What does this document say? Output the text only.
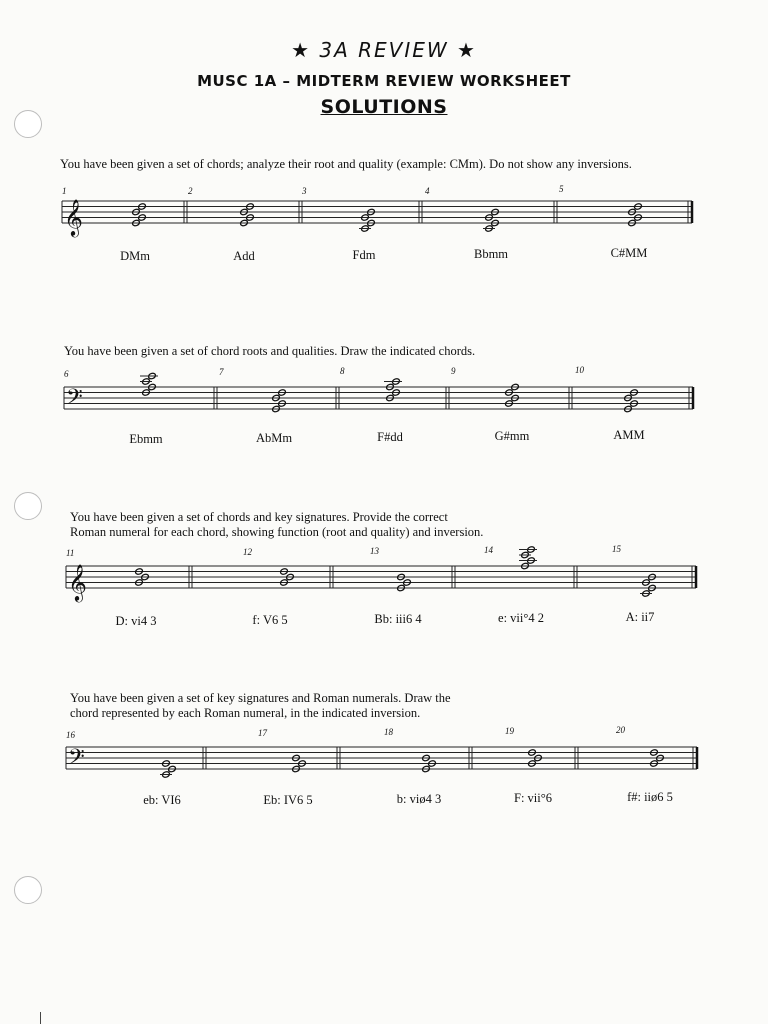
★ 3A REVIEW ★
MUSC 1A – MIDTERM REVIEW WORKSHEET
SOLUTIONS
You have been given a set of chords; analyze their root and quality (example: CMm). Do not show any inversions.
You have been given a set of chord roots and qualities. Draw the indicated chords.
You have been given a set of chords and key signatures. Provide the correct
Roman numeral for each chord, showing function (root and quality) and inversion.
You have been given a set of key signatures and Roman numerals. Draw the
chord represented by each Roman numeral, in the indicated inversion.
1	2	3	4	5
6	7	8	9	10
11	12	13	14	15
16	17	18	19	20
DMm	Add	Fdm	Bbmm	C#MM
Ebmm	AbMm	F#dd	G#mm	AMM
D: vi4 3	f: V6 5	Bb: iii6 4	e: vii°4 2	A: ii7
eb: VI6	Eb: IV6 5	b: viø4 3	F: vii°6	f#: iiø6 5
𝄞
𝄢
𝄞
𝄢
